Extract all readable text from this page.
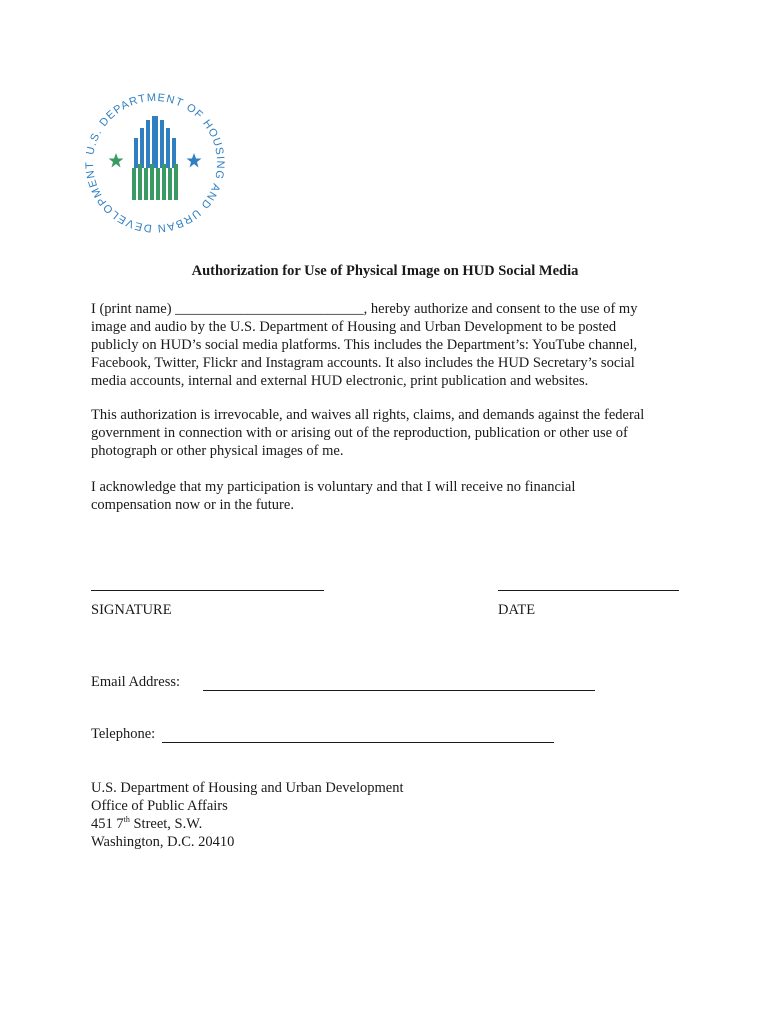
U.S. DEPARTMENT OF HOUSING AND URBAN DEVELOPMENT
Authorization for Use of Physical Image on HUD Social Media
I (print name) __________________________, hereby authorize and consent to the use of my
image and audio by the U.S. Department of Housing and Urban Development to be posted
publicly on HUD’s social media platforms. This includes the Department’s: YouTube channel,
Facebook, Twitter, Flickr and Instagram accounts. It also includes the HUD Secretary’s social
media accounts, internal and external HUD electronic, print publication and websites.
This authorization is irrevocable, and waives all rights, claims, and demands against the federal
government in connection with or arising out of the reproduction, publication or other use of
photograph or other physical images of me.
I acknowledge that my participation is voluntary and that I will receive no financial
compensation now or in the future.
SIGNATURE	DATE
Email Address:
Telephone:
U.S. Department of Housing and Urban Development
Office of Public Affairs
451 7th Street, S.W.
Washington, D.C. 20410
